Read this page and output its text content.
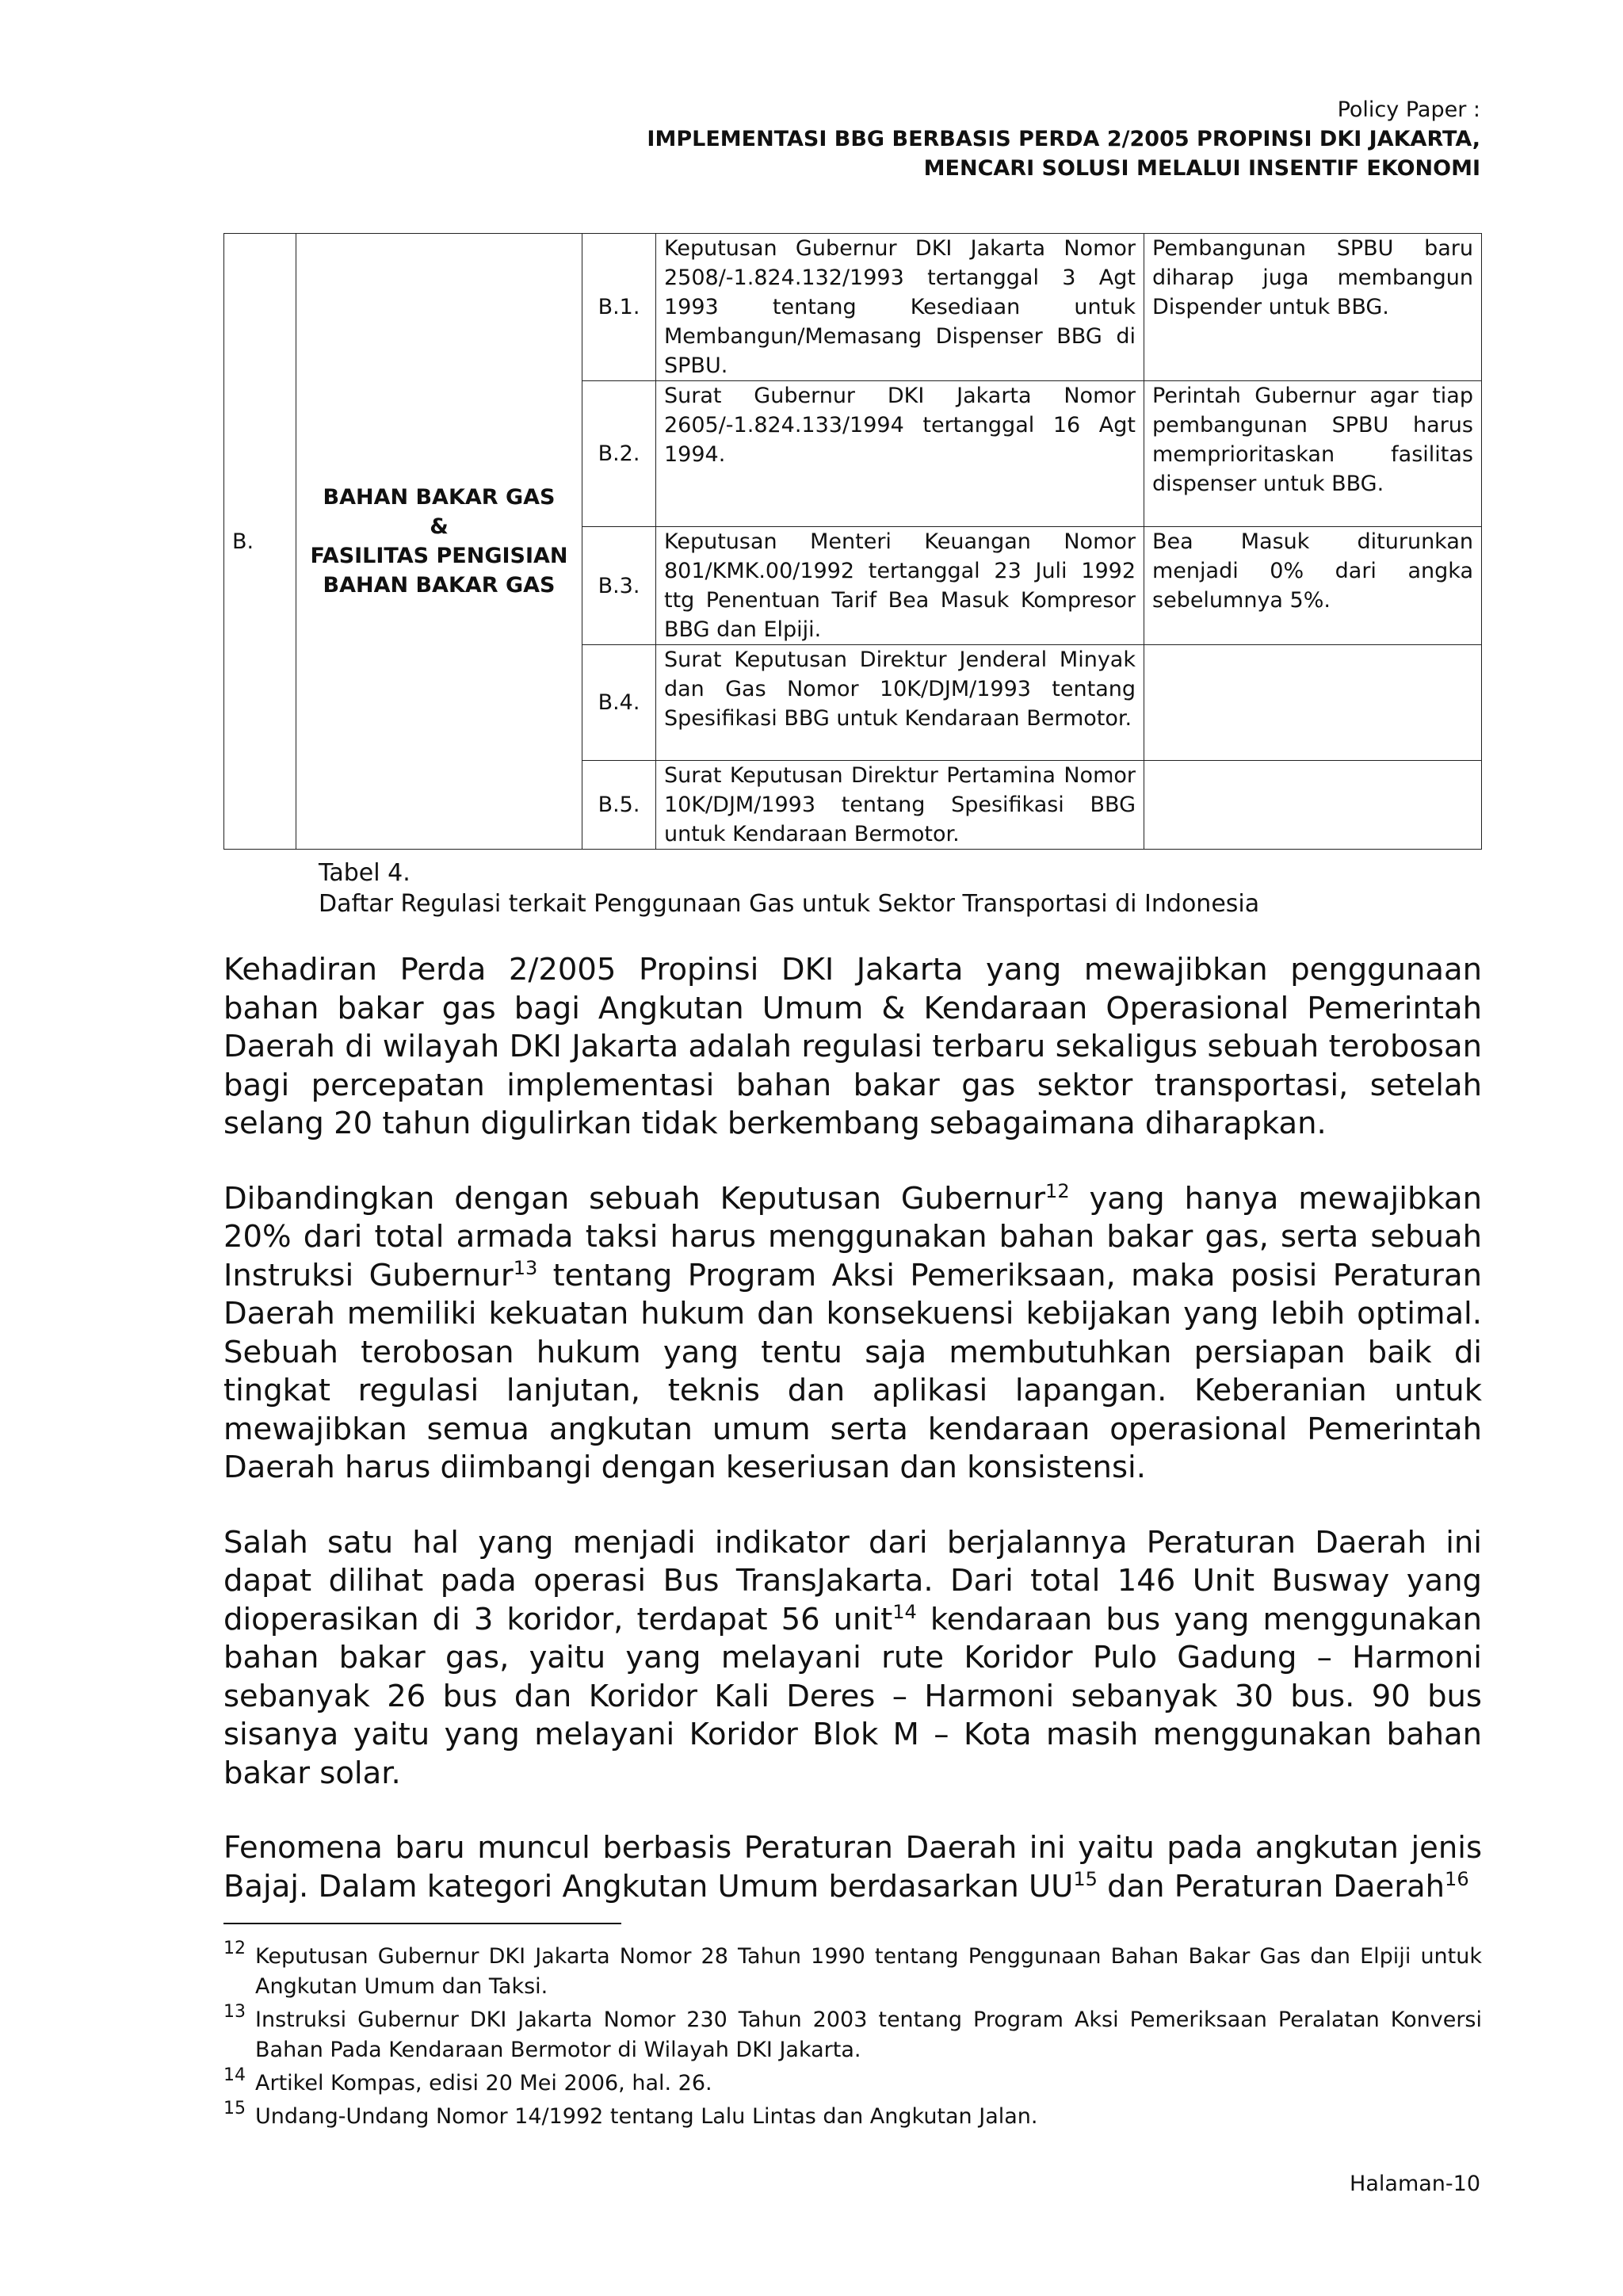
Policy Paper :
IMPLEMENTASI BBG BERBASIS PERDA 2/2005 PROPINSI DKI JAKARTA,
MENCARI SOLUSI MELALUI INSENTIF EKONOMI
B.	BAHAN BAKAR GAS
&
FASILITAS PENGISIAN
BAHAN BAKAR GAS	B.1.	Keputusan Gubernur DKI Jakarta Nomor 2508/-1.824.132/1993 tertanggal 3 Agt 1993 tentang Kesediaan untuk Membangun/Memasang Dispenser BBG di SPBU.	Pembangunan SPBU baru diharap juga membangun Dispender untuk BBG.
		B.2.	Surat Gubernur DKI Jakarta Nomor 2605/-1.824.133/1994 tertanggal 16 Agt 1994.	Perintah Gubernur agar tiap pembangunan SPBU harus memprioritaskan fasilitas dispenser untuk BBG.
		B.3.	Keputusan Menteri Keuangan Nomor 801/KMK.00/1992 tertanggal 23 Juli 1992 ttg Penentuan Tarif Bea Masuk Kompresor BBG dan Elpiji.	Bea Masuk diturunkan menjadi 0% dari angka sebelumnya 5%.
		B.4.	Surat Keputusan Direktur Jenderal Minyak dan Gas Nomor 10K/DJM/1993 tentang Spesifikasi BBG untuk Kendaraan Bermotor.	
		B.5.	Surat Keputusan Direktur Pertamina Nomor 10K/DJM/1993 tentang Spesifikasi BBG untuk Kendaraan Bermotor.	
Tabel 4.
Daftar Regulasi terkait Penggunaan Gas untuk Sektor Transportasi di Indonesia

Kehadiran Perda 2/2005 Propinsi DKI Jakarta yang mewajibkan penggunaan bahan bakar gas bagi Angkutan Umum & Kendaraan Operasional Pemerintah Daerah di wilayah DKI Jakarta adalah regulasi terbaru sekaligus sebuah terobosan bagi percepatan implementasi bahan bakar gas sektor transportasi, setelah selang 20 tahun digulirkan tidak berkembang sebagaimana diharapkan.

Dibandingkan dengan sebuah Keputusan Gubernur$^{12}$ yang hanya mewajibkan 20% dari total armada taksi harus menggunakan bahan bakar gas, serta sebuah Instruksi Gubernur$^{13}$ tentang Program Aksi Pemeriksaan, maka posisi Peraturan Daerah memiliki kekuatan hukum dan konsekuensi kebijakan yang lebih optimal. Sebuah terobosan hukum yang tentu saja membutuhkan persiapan baik di tingkat regulasi lanjutan, teknis dan aplikasi lapangan. Keberanian untuk mewajibkan semua angkutan umum serta kendaraan operasional Pemerintah Daerah harus diimbangi dengan keseriusan dan konsistensi.

Salah satu hal yang menjadi indikator dari berjalannya Peraturan Daerah ini dapat dilihat pada operasi Bus TransJakarta. Dari total 146 Unit Busway yang dioperasikan di 3 koridor, terdapat 56 unit$^{14}$ kendaraan bus yang menggunakan bahan bakar gas, yaitu yang melayani rute Koridor Pulo Gadung – Harmoni sebanyak 26 bus dan Koridor Kali Deres – Harmoni sebanyak 30 bus. 90 bus sisanya yaitu yang melayani Koridor Blok M – Kota masih menggunakan bahan bakar solar.

Fenomena baru muncul berbasis Peraturan Daerah ini yaitu pada angkutan jenis Bajaj. Dalam kategori Angkutan Umum berdasarkan UU$^{15}$ dan Peraturan Daerah$^{16}$

12 Keputusan Gubernur DKI Jakarta Nomor 28 Tahun 1990 tentang Penggunaan Bahan Bakar Gas dan Elpiji untuk Angkutan Umum dan Taksi.
13 Instruksi Gubernur DKI Jakarta Nomor 230 Tahun 2003 tentang Program Aksi Pemeriksaan Peralatan Konversi Bahan Pada Kendaraan Bermotor di Wilayah DKI Jakarta.
14 Artikel Kompas, edisi 20 Mei 2006, hal. 26.
15 Undang-Undang Nomor 14/1992 tentang Lalu Lintas dan Angkutan Jalan.
Halaman-10
